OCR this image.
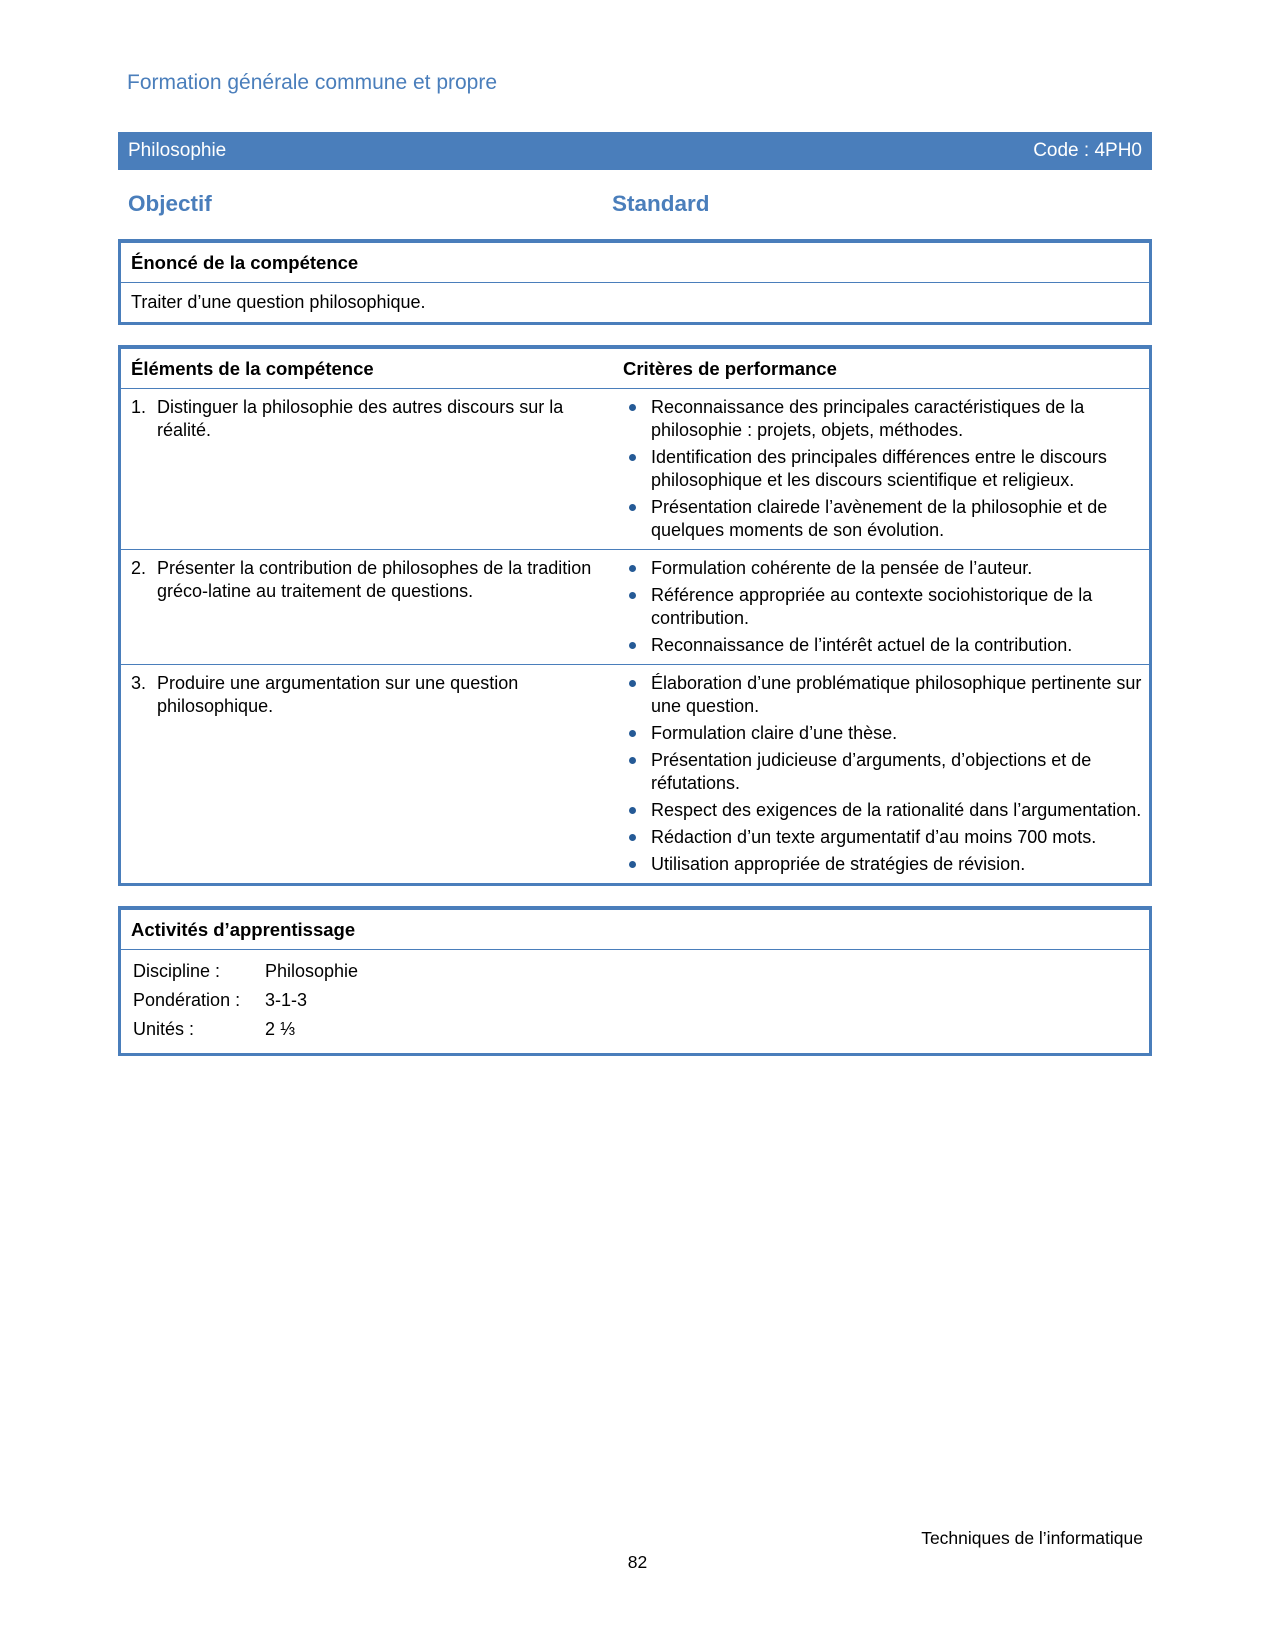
Formation générale commune et propre
Philosophie	Code : 4PH0
Objectif	Standard
Énoncé de la compétence
Traiter d’une question philosophique.
Éléments de la compétence	Critères de performance
1. Distinguer la philosophie des autres discours sur la réalité.
Reconnaissance des principales caractéristiques de la philosophie : projets, objets, méthodes.
Identification des principales différences entre le discours philosophique et les discours scientifique et religieux.
Présentation clairede l’avènement de la philosophie et de quelques moments de son évolution.
2. Présenter la contribution de philosophes de la tradition gréco-latine au traitement de questions.
Formulation cohérente de la pensée de l’auteur.
Référence appropriée au contexte sociohistorique de la contribution.
Reconnaissance de l’intérêt actuel de la contribution.
3. Produire une argumentation sur une question philosophique.
Élaboration d’une problématique philosophique pertinente sur une question.
Formulation claire d’une thèse.
Présentation judicieuse d’arguments, d’objections et de réfutations.
Respect des exigences de la rationalité dans l’argumentation.
Rédaction d’un texte argumentatif d’au moins 700 mots.
Utilisation appropriée de stratégies de révision.
Activités d’apprentissage
Discipline :	Philosophie
Pondération :	3-1-3
Unités :	2 ⅓
Techniques de l’informatique
82
